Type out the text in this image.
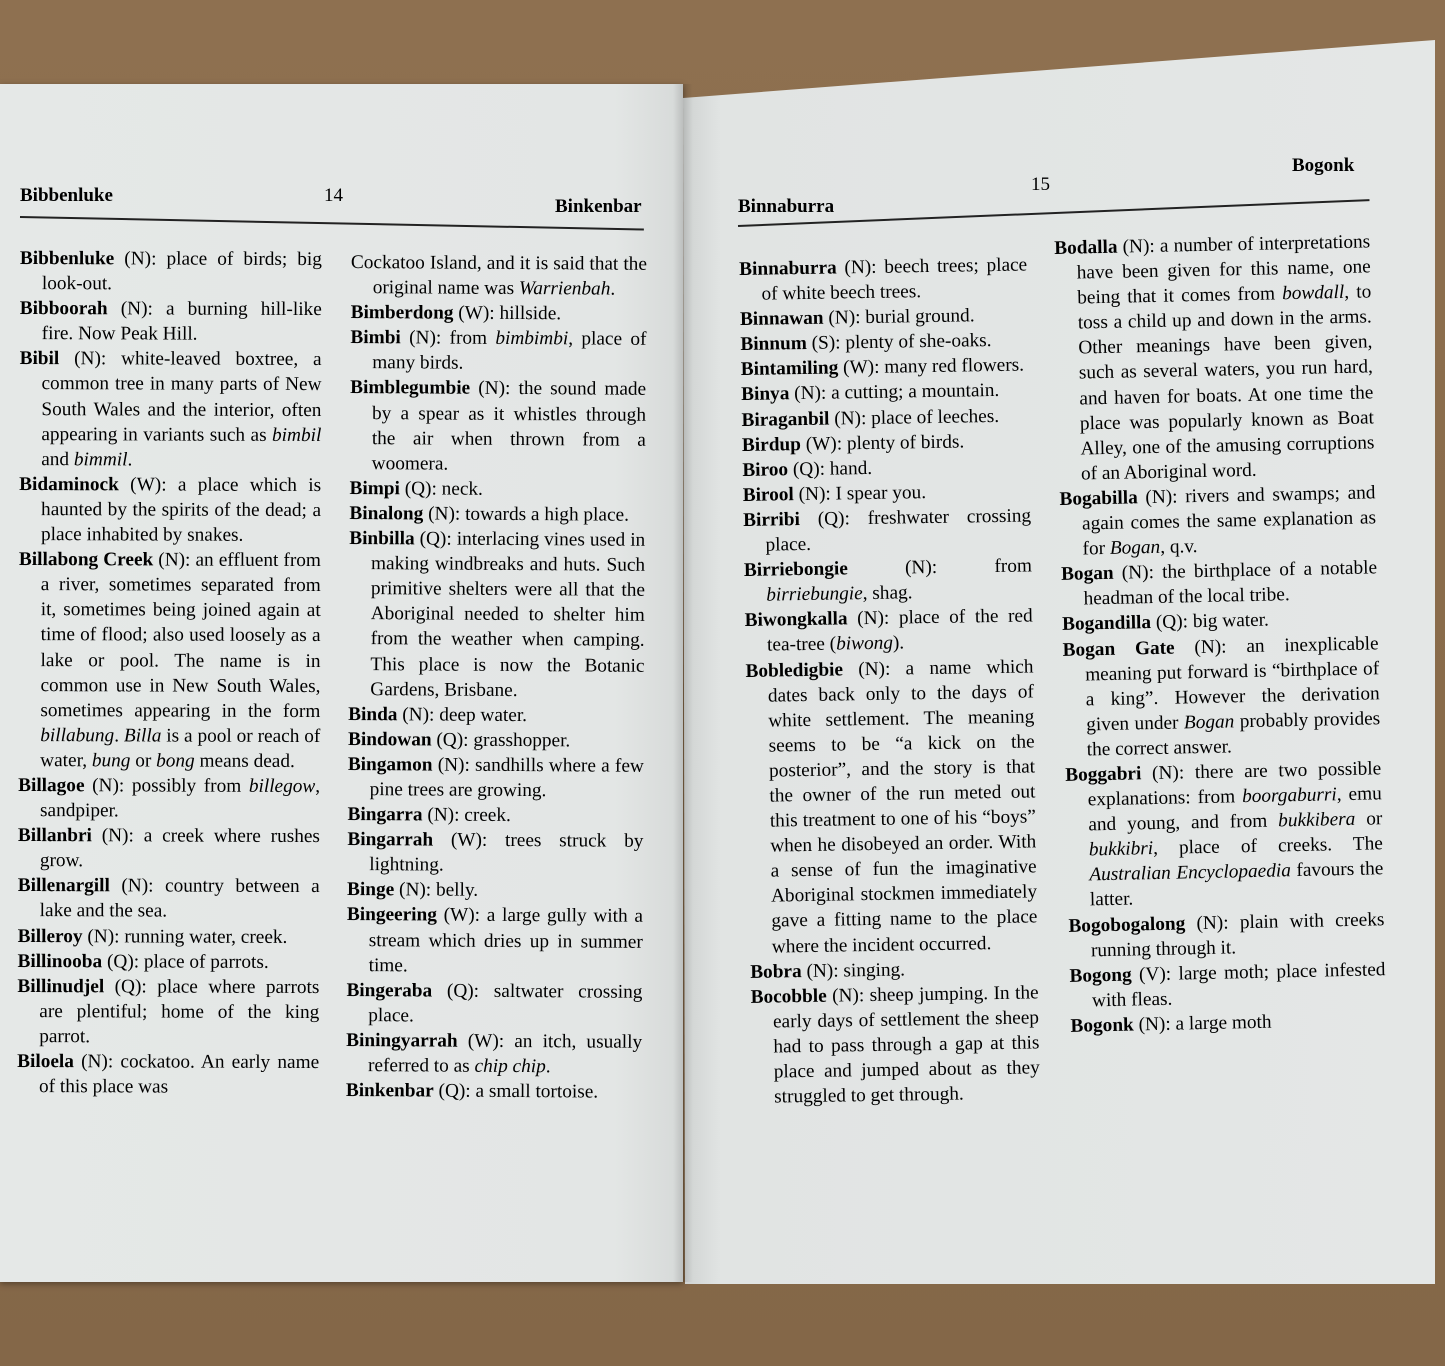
Bibbenluke	14
Binkenbar	Binnaburra
15
Bogonk

Bibbenluke (N): place of birds; big look-out.

Bibboorah (N): a burning hill-like fire. Now Peak Hill.

Bibil (N): white-leaved boxtree, a common tree in many parts of New South Wales and the interior, often appearing in variants such as bimbil and bimmil.

Bidaminock (W): a place which is haunted by the spirits of the dead; a place inhabited by snakes.

Billabong Creek (N): an effluent from a river, sometimes separated from it, sometimes being joined again at time of flood; also used loosely as a lake or pool. The name is in common use in New South Wales, sometimes appearing in the form billabung. Billa is a pool or reach of water, bung or bong means dead.

Billagoe (N): possibly from billegow, sandpiper.

Billanbri (N): a creek where rushes grow.

Billenargill (N): country between a lake and the sea.

Billeroy (N): running water, creek.

Billinooba (Q): place of parrots.

Billinudjel (Q): place where parrots are plentiful; home of the king parrot.

Biloela (N): cockatoo. An early name of this place was

Cockatoo Island, and it is said that the original name was Warrienbah.

Bimberdong (W): hillside.

Bimbi (N): from bimbimbi, place of many birds.

Bimblegumbie (N): the sound made by a spear as it whistles through the air when thrown from a woomera.

Bimpi (Q): neck.

Binalong (N): towards a high place.

Binbilla (Q): interlacing vines used in making windbreaks and huts. Such primitive shelters were all that the Aboriginal needed to shelter him from the weather when camping. This place is now the Botanic Gardens, Brisbane.

Binda (N): deep water.

Bindowan (Q): grasshopper.

Bingamon (N): sandhills where a few pine trees are growing.

Bingarra (N): creek.

Bingarrah (W): trees struck by lightning.

Binge (N): belly.

Bingeering (W): a large gully with a stream which dries up in summer time.

Bingeraba (Q): saltwater crossing place.

Biningyarrah (W): an itch, usually referred to as chip chip.

Binkenbar (Q): a small tortoise.

Binnaburra (N): beech trees; place of white beech trees.

Binnawan (N): burial ground.

Binnum (S): plenty of she-oaks.

Bintamiling (W): many red flowers.

Binya (N): a cutting; a mountain.

Biraganbil (N): place of leeches.

Birdup (W): plenty of birds.

Biroo (Q): hand.

Birool (N): I spear you.

Birribi (Q): freshwater crossing place.

Birriebongie (N): from birriebungie, shag.

Biwongkalla (N): place of the red tea-tree (biwong).

Bobledigbie (N): a name which dates back only to the days of white settlement. The meaning seems to be “a kick on the posterior”, and the story is that the owner of the run meted out this treatment to one of his “boys” when he disobeyed an order. With a sense of fun the imaginative Aboriginal stockmen immediately gave a fitting name to the place where the incident occurred.

Bobra (N): singing.

Bocobble (N): sheep jumping. In the early days of settlement the sheep had to pass through a gap at this place and jumped about as they struggled to get through.

Bodalla (N): a number of interpretations have been given for this name, one being that it comes from bowdall, to toss a child up and down in the arms. Other meanings have been given, such as several waters, you run hard, and haven for boats. At one time the place was popularly known as Boat Alley, one of the amusing corruptions of an Aboriginal word.

Bogabilla (N): rivers and swamps; and again comes the same explanation as for Bogan, q.v.

Bogan (N): the birthplace of a notable headman of the local tribe.

Bogandilla (Q): big water.

Bogan Gate (N): an inexplicable meaning put forward is “birthplace of a king”. However the derivation given under Bogan probably provides the correct answer.

Boggabri (N): there are two possible explanations: from boorgaburri, emu and young, and from bukkibera or bukkibri, place of creeks. The Australian Encyclopaedia favours the latter.

Bogobogalong (N): plain with creeks running through it.

Bogong (V): large moth; place infested with fleas.

Bogonk (N): a large moth
